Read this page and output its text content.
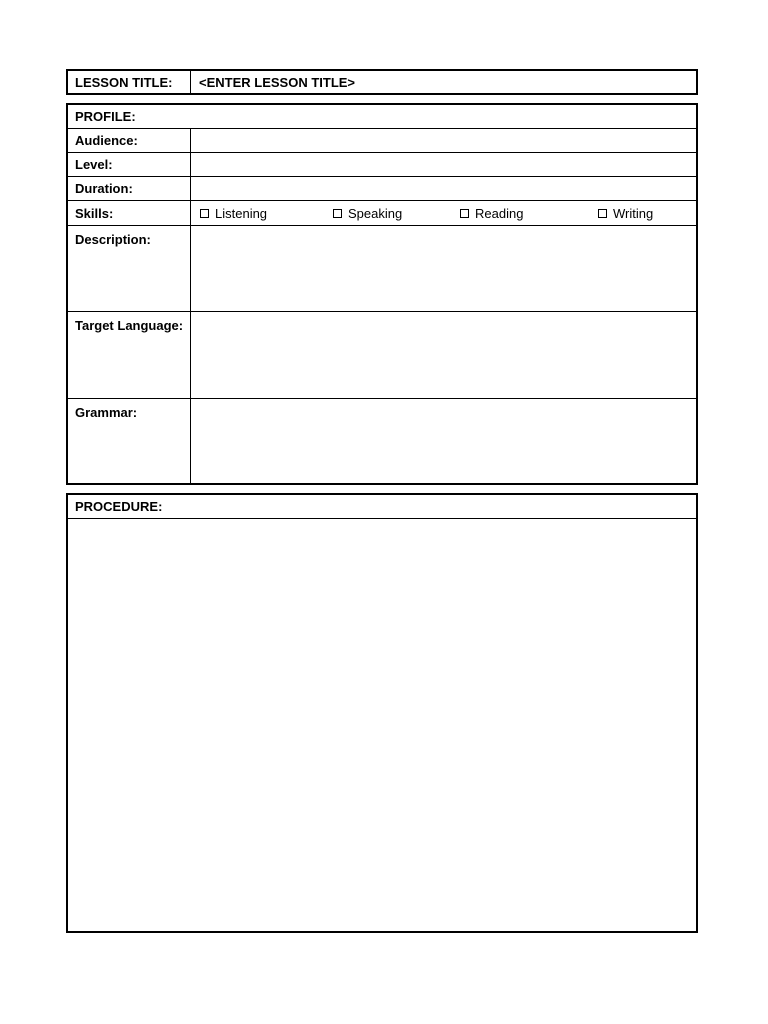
LESSON TITLE:	<ENTER LESSON TITLE>
PROFILE:
Audience:
Level:
Duration:
Skills:	Listening	Speaking	Reading	Writing
Description:
Target Language:
Grammar:
PROCEDURE:
